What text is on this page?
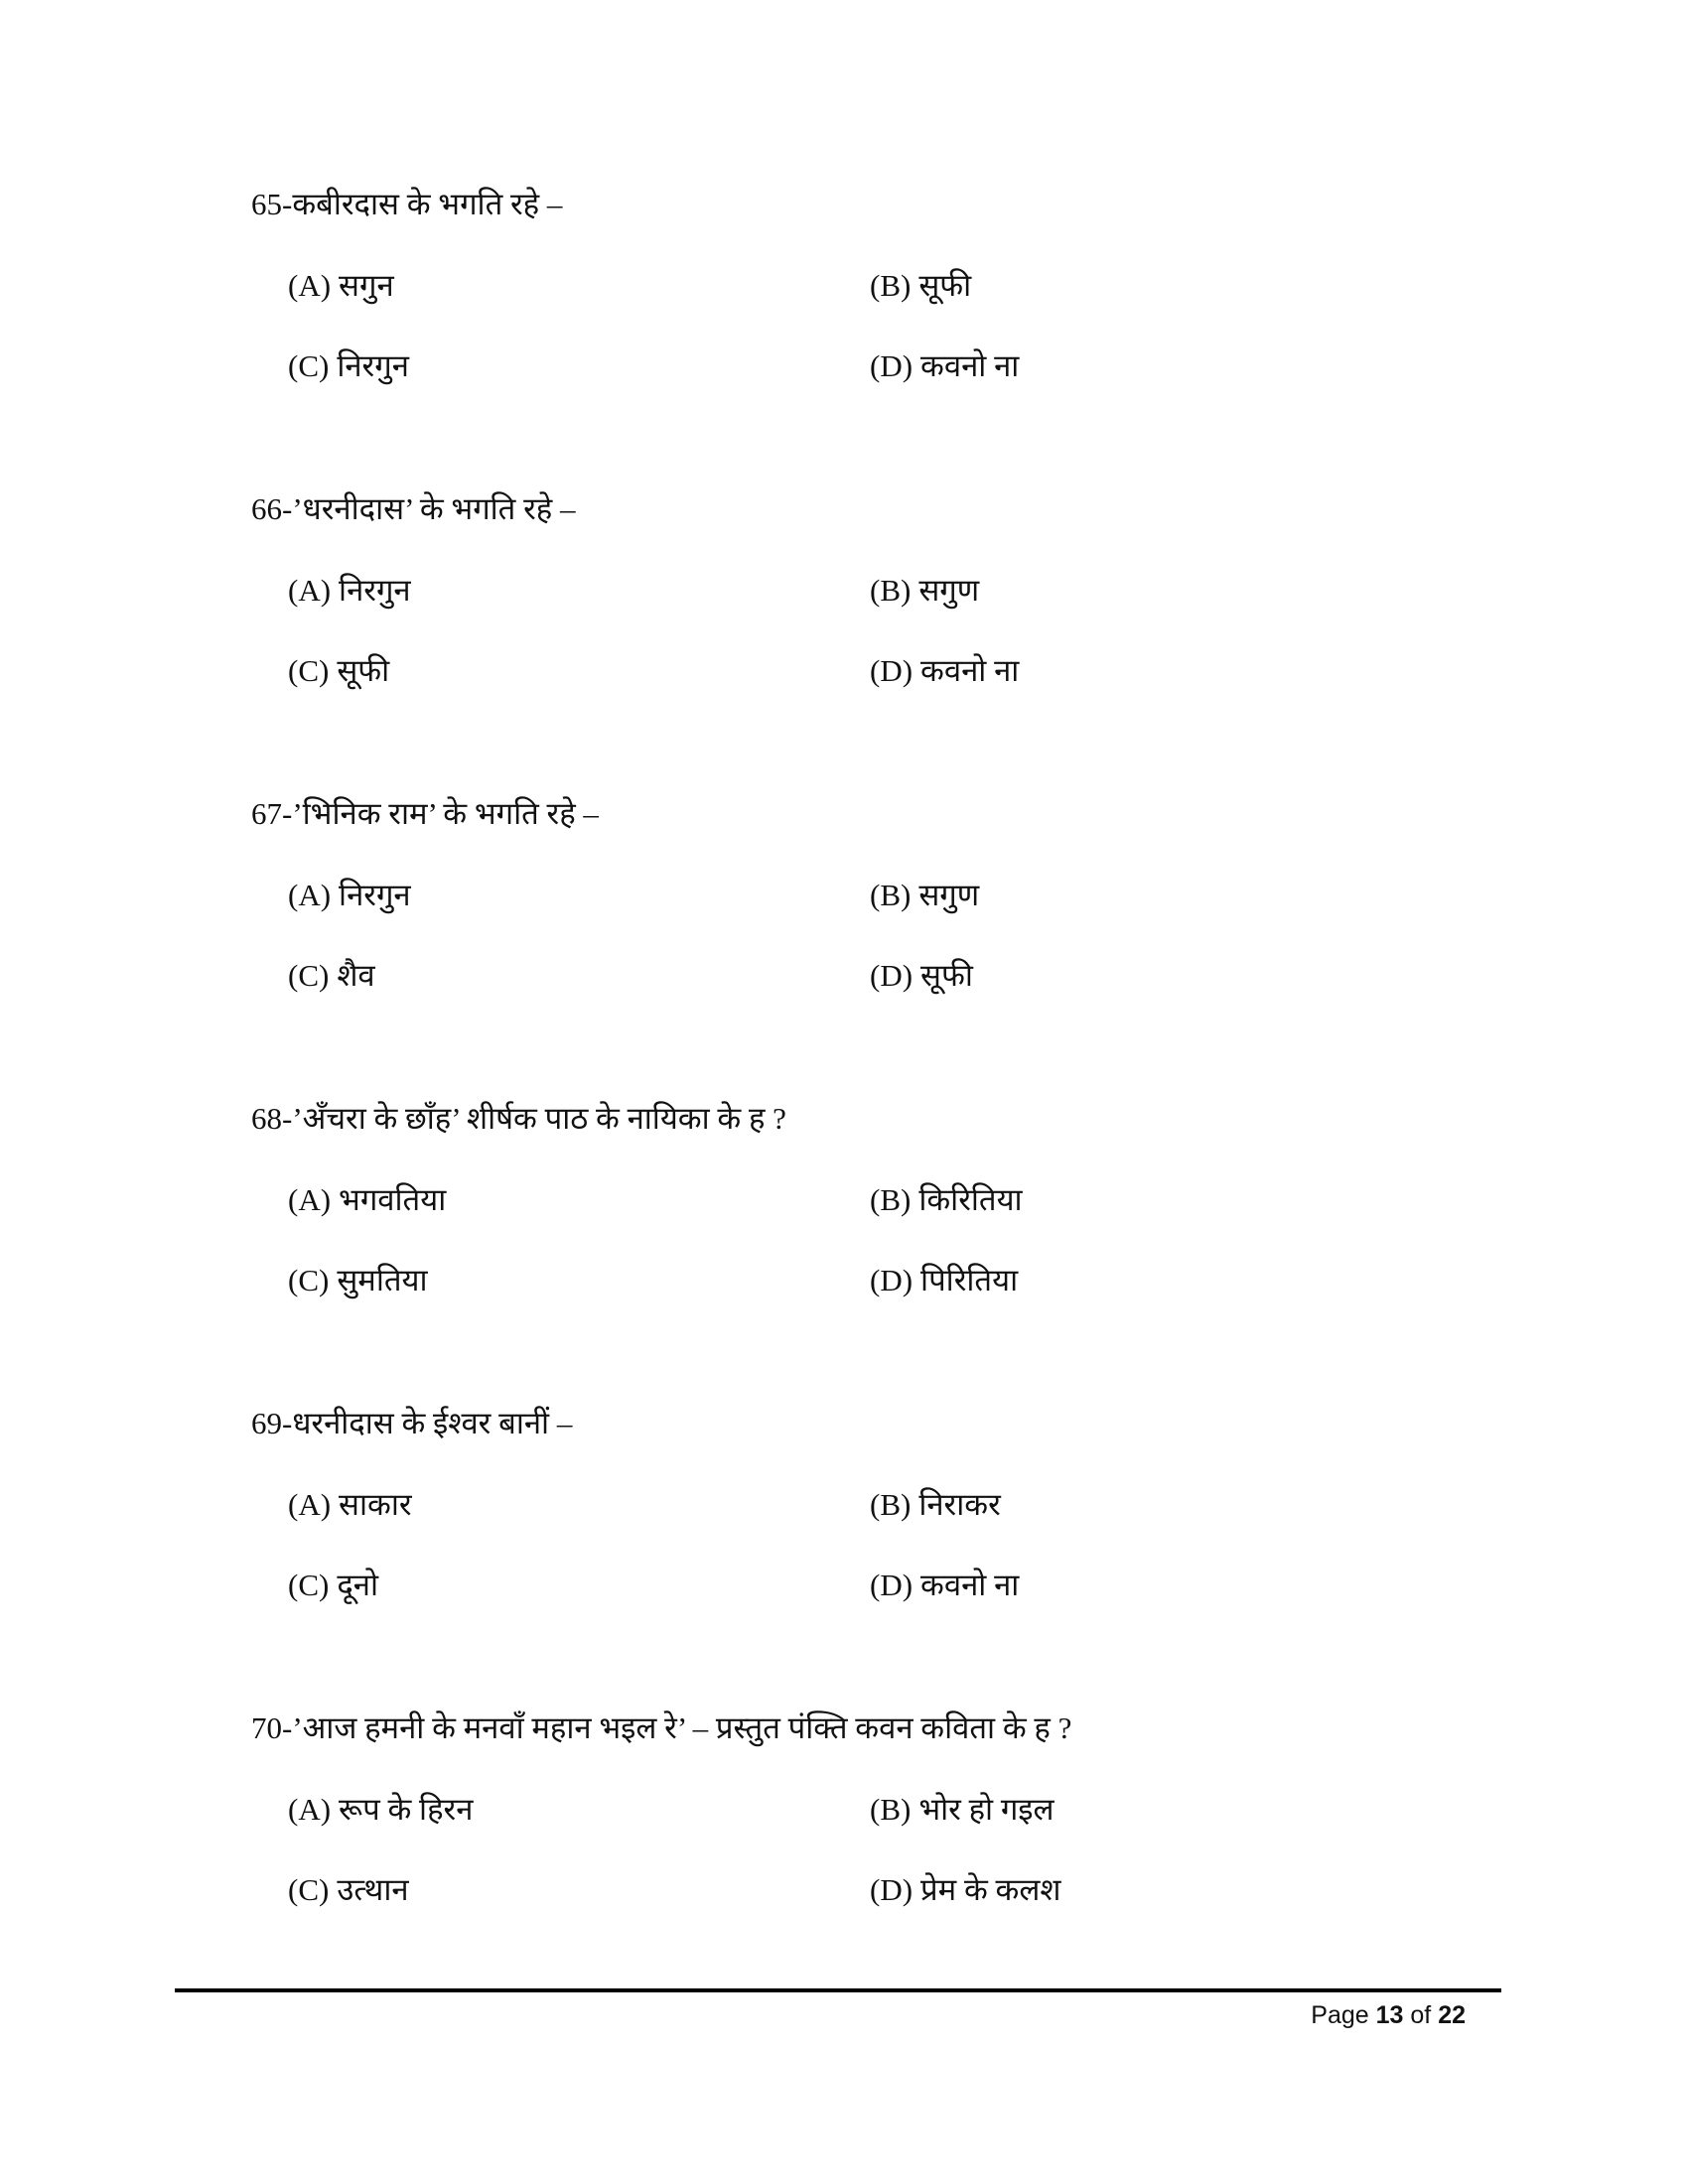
65-कबीरदास के भगति रहे –
(A) सगुन	(B) सूफी
(C) निरगुन	(D) कवनो ना
66-’धरनीदास’ के भगति रहे –
(A) निरगुन	(B) सगुण
(C) सूफी	(D) कवनो ना
67-’भिनिक राम’ के भगति रहे –
(A) निरगुन	(B) सगुण
(C) शैव	(D) सूफी
68-’अँचरा के छाँह’ शीर्षक पाठ के नायिका के ह ?
(A) भगवतिया	(B) किरितिया
(C) सुमतिया	(D) पिरितिया
69-धरनीदास के ईश्वर बानीं –
(A) साकार	(B) निराकर
(C) दूनो	(D) कवनो ना
70-’आज हमनी के मनवाँ महान भइल रे’ – प्रस्तुत पंक्ति कवन कविता के ह ?
(A) रूप के हिरन	(B) भोर हो गइल
(C) उत्थान	(D) प्रेम के कलश
Page 13 of 22
